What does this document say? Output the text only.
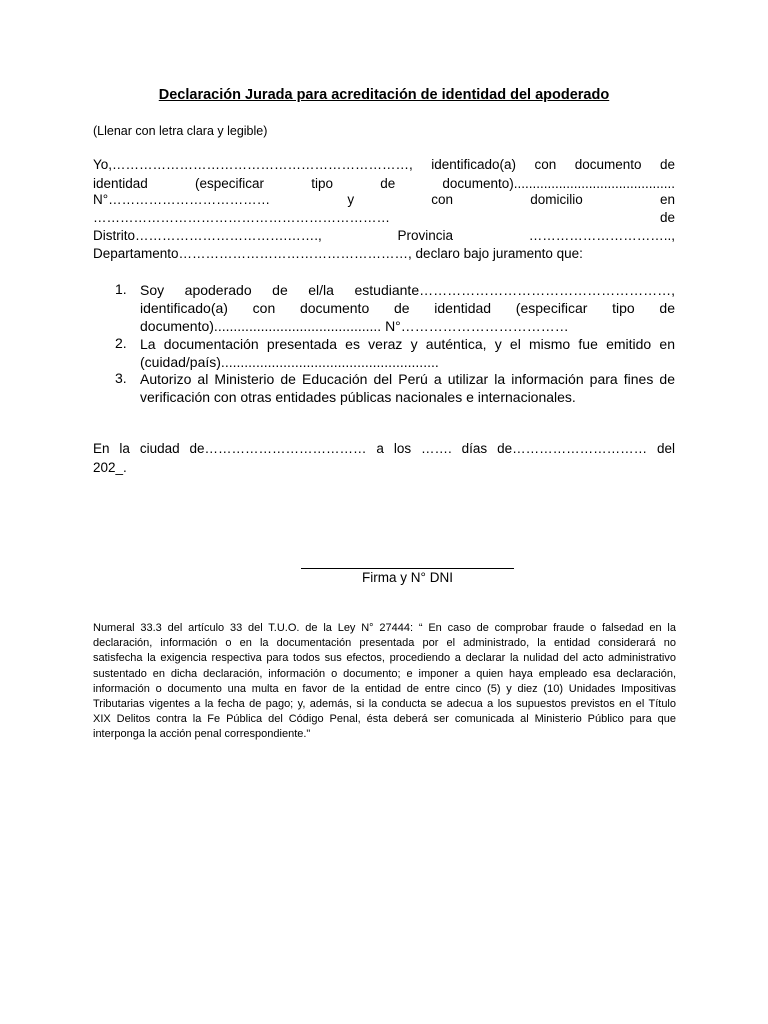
Declaración Jurada para acreditación de identidad del apoderado
(Llenar con letra clara y legible)
Yo,…………………………………………………………, identificado(a) con documento de
identidad (especificar tipo de documento)...........................................
N°……………………………… y con domicilio en
………………………………………………………… de
Distrito…………………………….……., Provincia …………………………..,
Departamento……………………………………………, declaro bajo juramento que:
1. Soy apoderado de el/la estudiante………………………………………………,
identificado(a) con documento de identidad (especificar tipo de
documento)........................................... N°………………………………
2. La documentación presentada es veraz y auténtica, y el mismo fue emitido en
(cuidad/país)........................................................
3. Autorizo al Ministerio de Educación del Perú a utilizar la información para fines de
verificación con otras entidades públicas nacionales e internacionales.
En la ciudad de……………………………… a los ……. días de………………………… del
202_.
Firma y N° DNI
Numeral 33.3 del artículo 33 del T.U.O. de la Ley N° 27444: “ En caso de comprobar fraude o falsedad en la
declaración, información o en la documentación presentada por el administrado, la entidad considerará no
satisfecha la exigencia respectiva para todos sus efectos, procediendo a declarar la nulidad del acto administrativo
sustentado en dicha declaración, información o documento; e imponer a quien haya empleado esa declaración,
información o documento una multa en favor de la entidad de entre cinco (5) y diez (10) Unidades Impositivas
Tributarias vigentes a la fecha de pago; y, además, si la conducta se adecua a los supuestos previstos en el Título
XIX Delitos contra la Fe Pública del Código Penal, ésta deberá ser comunicada al Ministerio Público para que
interponga la acción penal correspondiente."
